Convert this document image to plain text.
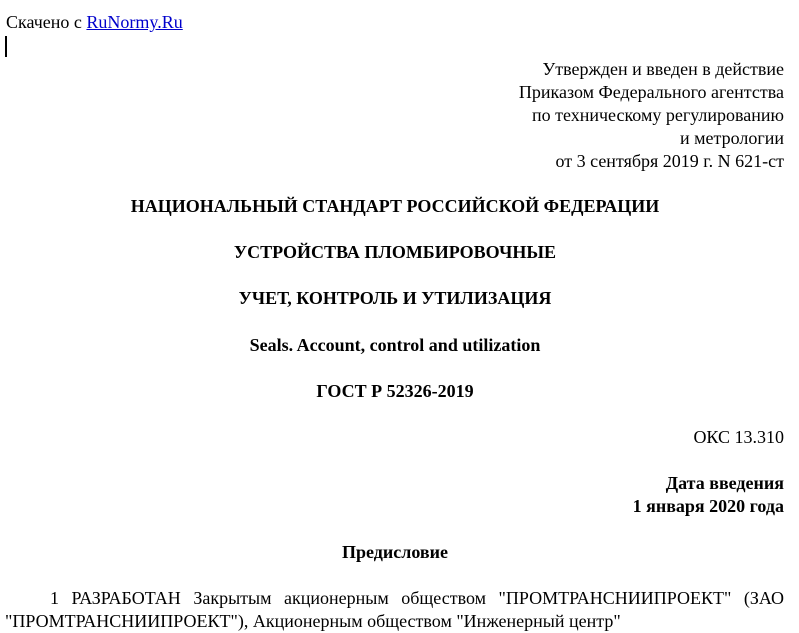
Скачено с RuNormy.Ru
Утвержден и введен в действие
Приказом Федерального агентства
по техническому регулированию
и метрологии
от 3 сентября 2019 г. N 621-ст
НАЦИОНАЛЬНЫЙ СТАНДАРТ РОССИЙСКОЙ ФЕДЕРАЦИИ
УСТРОЙСТВА ПЛОМБИРОВОЧНЫЕ
УЧЕТ, КОНТРОЛЬ И УТИЛИЗАЦИЯ
Seals. Account, control and utilization
ГОСТ Р 52326-2019
ОКС 13.310
Дата введения
1 января 2020 года
Предисловие
1 РАЗРАБОТАН Закрытым акционерным обществом "ПРОМТРАНСНИИПРОЕКТ" (ЗАО "ПРОМТРАНСНИИПРОЕКТ"), Акционерным обществом "Инженерный центр"
